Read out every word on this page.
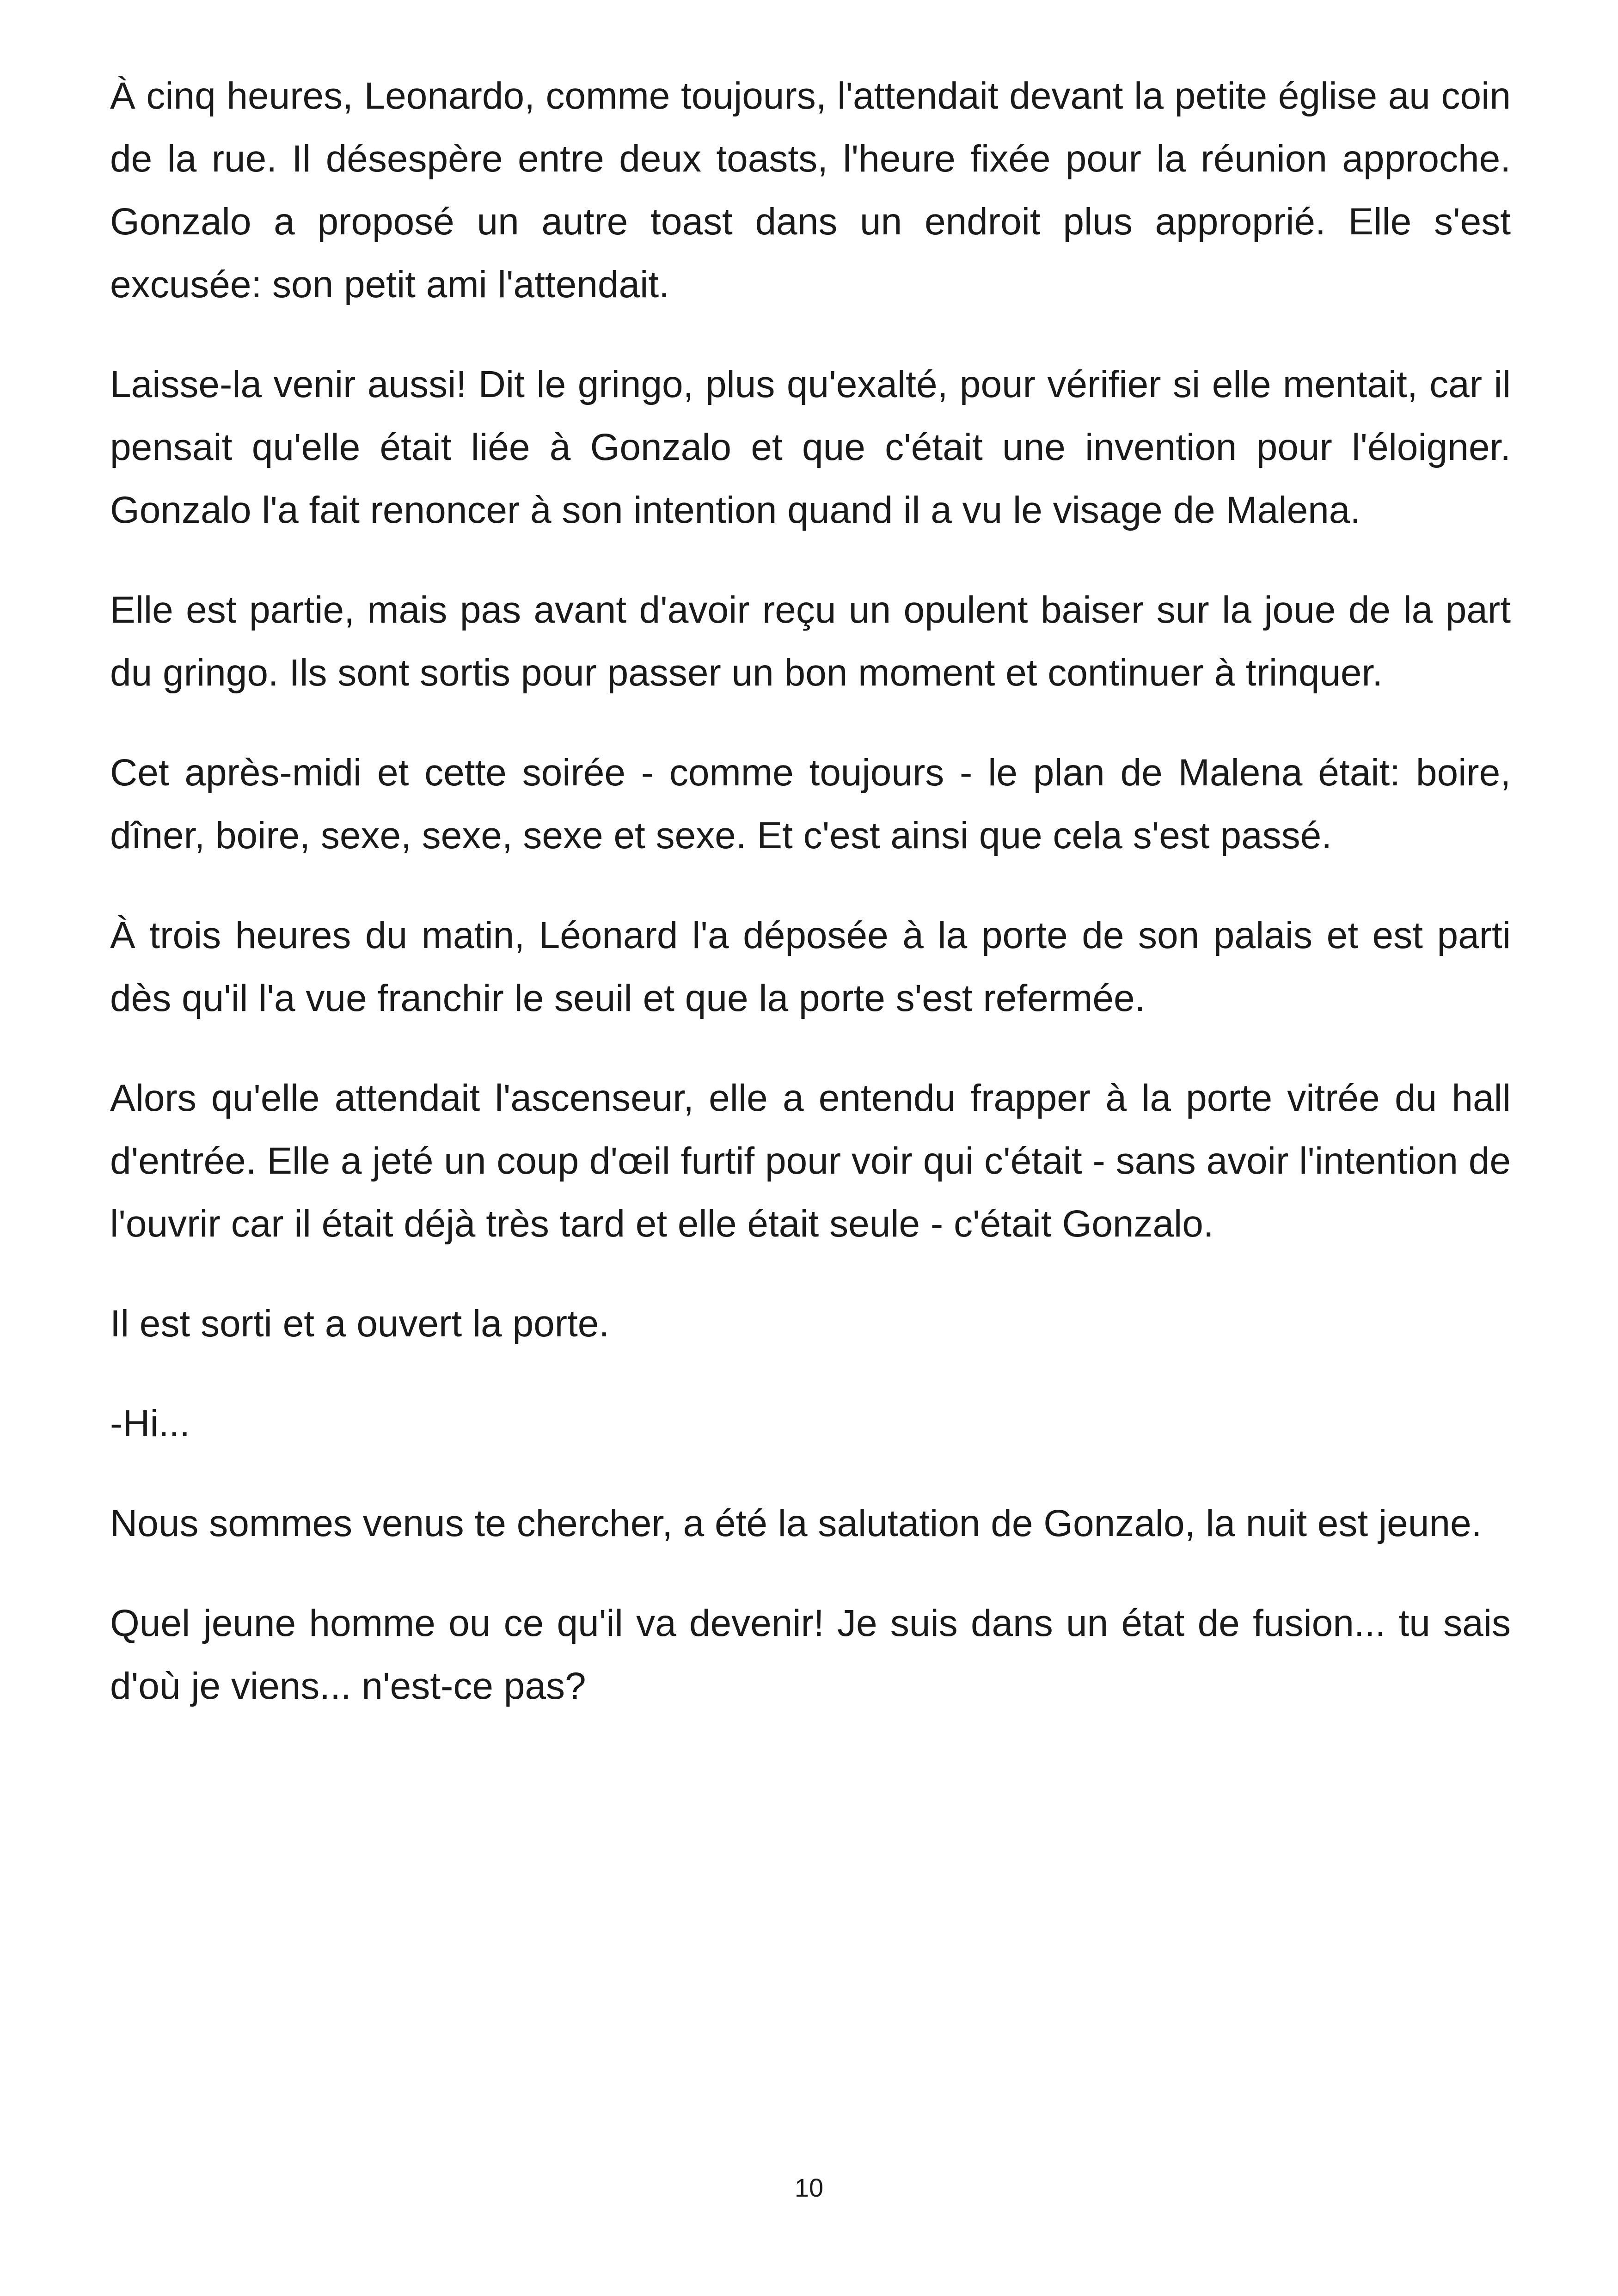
À cinq heures, Leonardo, comme toujours, l'attendait devant la petite église au coin de la rue. Il désespère entre deux toasts, l'heure fixée pour la réunion approche. Gonzalo a proposé un autre toast dans un endroit plus approprié. Elle s'est excusée: son petit ami l'attendait.

Laisse-la venir aussi! Dit le gringo, plus qu'exalté, pour vérifier si elle mentait, car il pensait qu'elle était liée à Gonzalo et que c'était une invention pour l'éloigner. Gonzalo l'a fait renoncer à son intention quand il a vu le visage de Malena.

Elle est partie, mais pas avant d'avoir reçu un opulent baiser sur la joue de la part du gringo. Ils sont sortis pour passer un bon moment et continuer à trinquer.

Cet après-midi et cette soirée - comme toujours - le plan de Malena était: boire, dîner, boire, sexe, sexe, sexe et sexe. Et c'est ainsi que cela s'est passé.

À trois heures du matin, Léonard l'a déposée à la porte de son palais et est parti dès qu'il l'a vue franchir le seuil et que la porte s'est refermée.

Alors qu'elle attendait l'ascenseur, elle a entendu frapper à la porte vitrée du hall d'entrée. Elle a jeté un coup d'œil furtif pour voir qui c'était - sans avoir l'intention de l'ouvrir car il était déjà très tard et elle était seule - c'était Gonzalo.

Il est sorti et a ouvert la porte.

-Hi...

Nous sommes venus te chercher, a été la salutation de Gonzalo, la nuit est jeune.

Quel jeune homme ou ce qu'il va devenir! Je suis dans un état de fusion... tu sais d'où je viens... n'est-ce pas?

10
